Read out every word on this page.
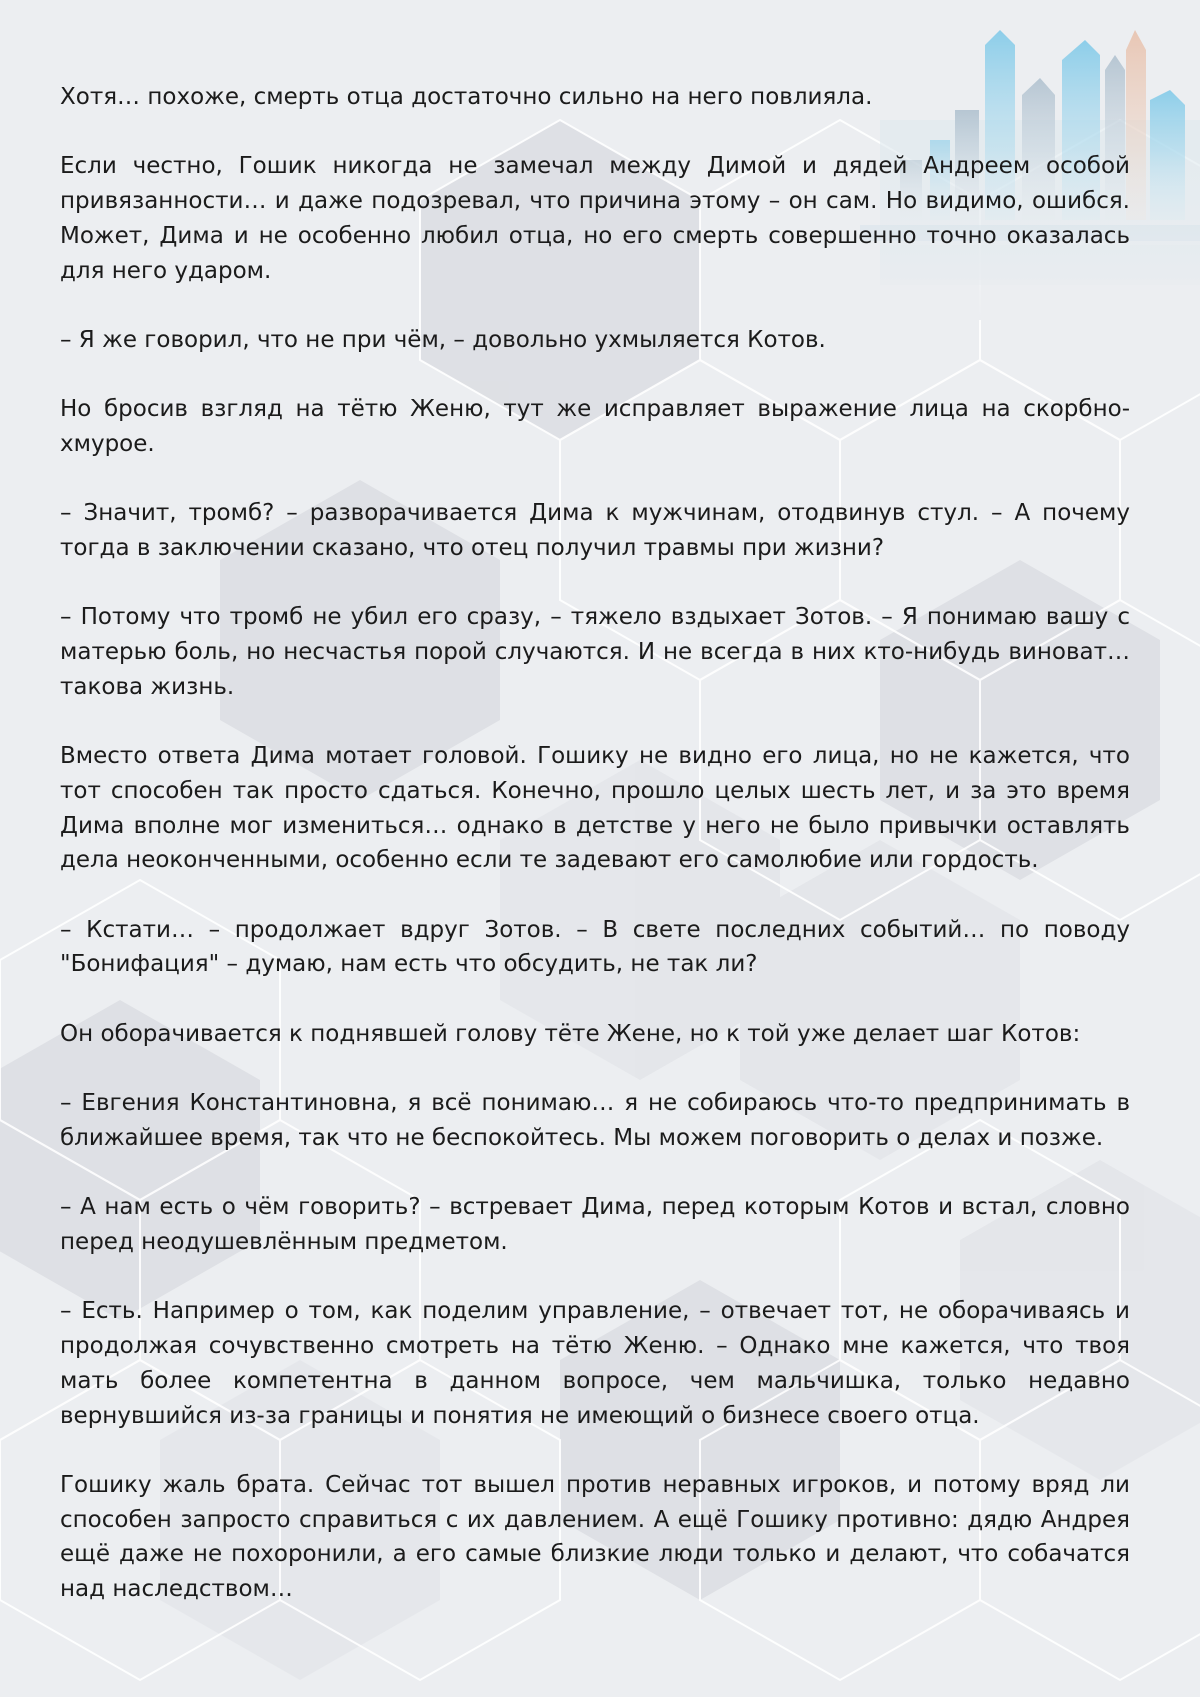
Хотя… похоже, смерть отца достаточно сильно на него повлияла.

Если честно, Гошик никогда не замечал между Димой и дядей Андреем особой привязанности… и даже подозревал, что причина этому – он сам. Но видимо, ошибся. Может, Дима и не особенно любил отца, но его смерть совершенно точно оказалась для него ударом.

– Я же говорил, что не при чём, – довольно ухмыляется Котов.

Но бросив взгляд на тётю Женю, тут же исправляет выражение лица на скорбно-хмурое.

– Значит, тромб? – разворачивается Дима к мужчинам, отодвинув стул. – А почему тогда в заключении сказано, что отец получил травмы при жизни?

– Потому что тромб не убил его сразу, – тяжело вздыхает Зотов. – Я понимаю вашу с матерью боль, но несчастья порой случаются. И не всегда в них кто-нибудь виноват… такова жизнь.

Вместо ответа Дима мотает головой. Гошику не видно его лица, но не кажется, что тот способен так просто сдаться. Конечно, прошло целых шесть лет, и за это время Дима вполне мог измениться… однако в детстве у него не было привычки оставлять дела неоконченными, особенно если те задевают его самолюбие или гордость.

– Кстати… – продолжает вдруг Зотов. – В свете последних событий… по поводу "Бонифация" – думаю, нам есть что обсудить, не так ли?

Он оборачивается к поднявшей голову тёте Жене, но к той уже делает шаг Котов:

– Евгения Константиновна, я всё понимаю… я не собираюсь что-то предпринимать в ближайшее время, так что не беспокойтесь. Мы можем поговорить о делах и позже.

– А нам есть о чём говорить? – встревает Дима, перед которым Котов и встал, словно перед неодушевлённым предметом.

– Есть. Например о том, как поделим управление, – отвечает тот, не оборачиваясь и продолжая сочувственно смотреть на тётю Женю. – Однако мне кажется, что твоя мать более компетентна в данном вопросе, чем мальчишка, только недавно вернувшийся из-за границы и понятия не имеющий о бизнесе своего отца.

Гошику жаль брата. Сейчас тот вышел против неравных игроков, и потому вряд ли способен запросто справиться с их давлением. А ещё Гошику противно: дядю Андрея ещё даже не похоронили, а его самые близкие люди только и делают, что собачатся над наследством…
